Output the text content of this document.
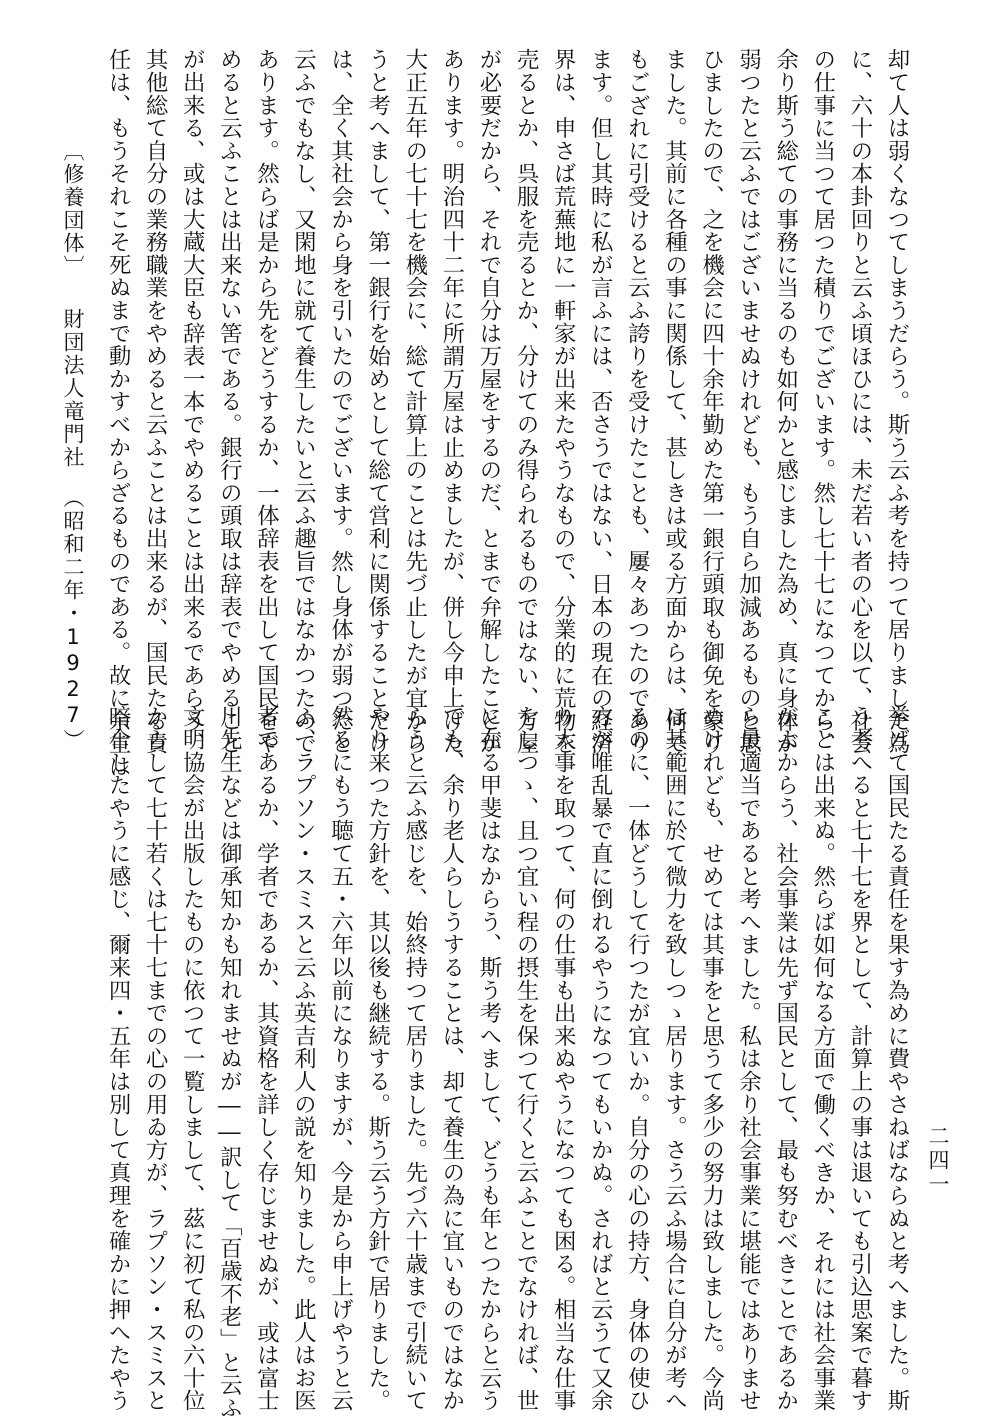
却て人は弱くなつてしまうだらう。斯う云ふ考を持つて居りました為

に、六十の本卦回りと云ふ頃ほひには、未だ若い者の心を以て、社会

の仕事に当つて居つた積りでございます。然し七十七になつてから、

余り斯う総ての事務に当るのも如何かと感じました為め、真に身体が

弱つたと云ふではございませぬけれども、もう自ら加減あるものと思

ひましたので、之を機会に四十余年勤めた第一銀行頭取も御免を蒙り

ました。其前に各種の事に関係して、甚しきは或る方面からは、何で

もござれに引受けると云ふ誇りを受けたことも、屢々あつたのであり

ます。但し其時に私が言ふには、否さうではない、日本の現在の経済

界は、申さば荒蕪地に一軒家が出来たやうなもので、分業的に荒物を

売るとか、呉服を売るとか、分けてのみ得られるものではない、万屋

が必要だから、それで自分は万屋をするのだ、とまで弁解したことが

あります。明治四十二年に所謂万屋は止めましたが、併し今申上げた

大正五年の七十七を機会に、総て計算上のことは先づ止したが宜から

うと考へまして、第一銀行を始めとして総て営利に関係することだけ

は、全く其社会から身を引いたのでございます。然し身体が弱つたと

云ふでもなし、又閑地に就て養生したいと云ふ趣旨ではなかつたので

あります。然らば是から先をどうするか、一体辞表を出して国民をや

めると云ふことは出来ない筈である。銀行の頭取は辞表でやめること

が出来る、或は大蔵大臣も辞表一本でやめることは出来るであらう、

其他総て自分の業務職業をやめると云ふことは出来るが、国民たる責

任は、もうそれこそ死ぬまで動かすべからざるものである。故に余生は

挙げて国民たる責任を果す為めに費やさねばならぬと考へました。斯

う考へると七十七を界として、計算上の事は退いても引込思案で暮す

ことは出来ぬ。然らば如何なる方面で働くべきか、それには社会事業

がよからう、社会事業は先ず国民として、最も努むべきことであるか

ら最適当であると考へました。私は余り社会事業に堪能ではありませ

ぬけれども、せめては其事をと思うて多少の努力は致しました。今尚

ほ其範囲に於て微力を致しつゝ居ります。さう云ふ場合に自分が考へ

るのに、一体どうして行つたが宜いか。自分の心の持方、身体の使ひ

方が唯乱暴で直に倒れるやうになつてもいかぬ。さればと云うて又余

り大事を取つて、何の仕事も出来ぬやうになつても困る。相当な仕事

をしつゝ、且つ宜い程の摂生を保つて行くと云ふことでなければ、世

に在る甲斐はなからう、斯う考へまして、どうも年とつたからと云う

ても、余り老人らしうすることは、却て養生の為に宜いものではなか

らうと云ふ感じを、始終持つて居りました。先づ六十歳まで引続いて

やり来つた方針を、其以後も継続する。斯う云う方針で居りました。

然るにもう聴て五・六年以前になりますが、今是から申上げやうと云

ふ、ラプソン・スミスと云ふ英吉利人の説を知りました。此人はお医

者であるか、学者であるか、其資格を詳しく存じませぬが、或は富士

川先生などは御承知かも知れませぬが――訳して「百歳不老」と云ふ

文明協会が出版したものに依つて一覧しまして、茲に初て私の六十位

からして七十若くは七十七までの心の用ゐ方が、ラプソン・スミスと

暗合したやうに感じ、爾来四・五年は別して真理を確かに押へたやう

〔修養団体〕財団法人竜門社（昭和二年・1927）
二四一
